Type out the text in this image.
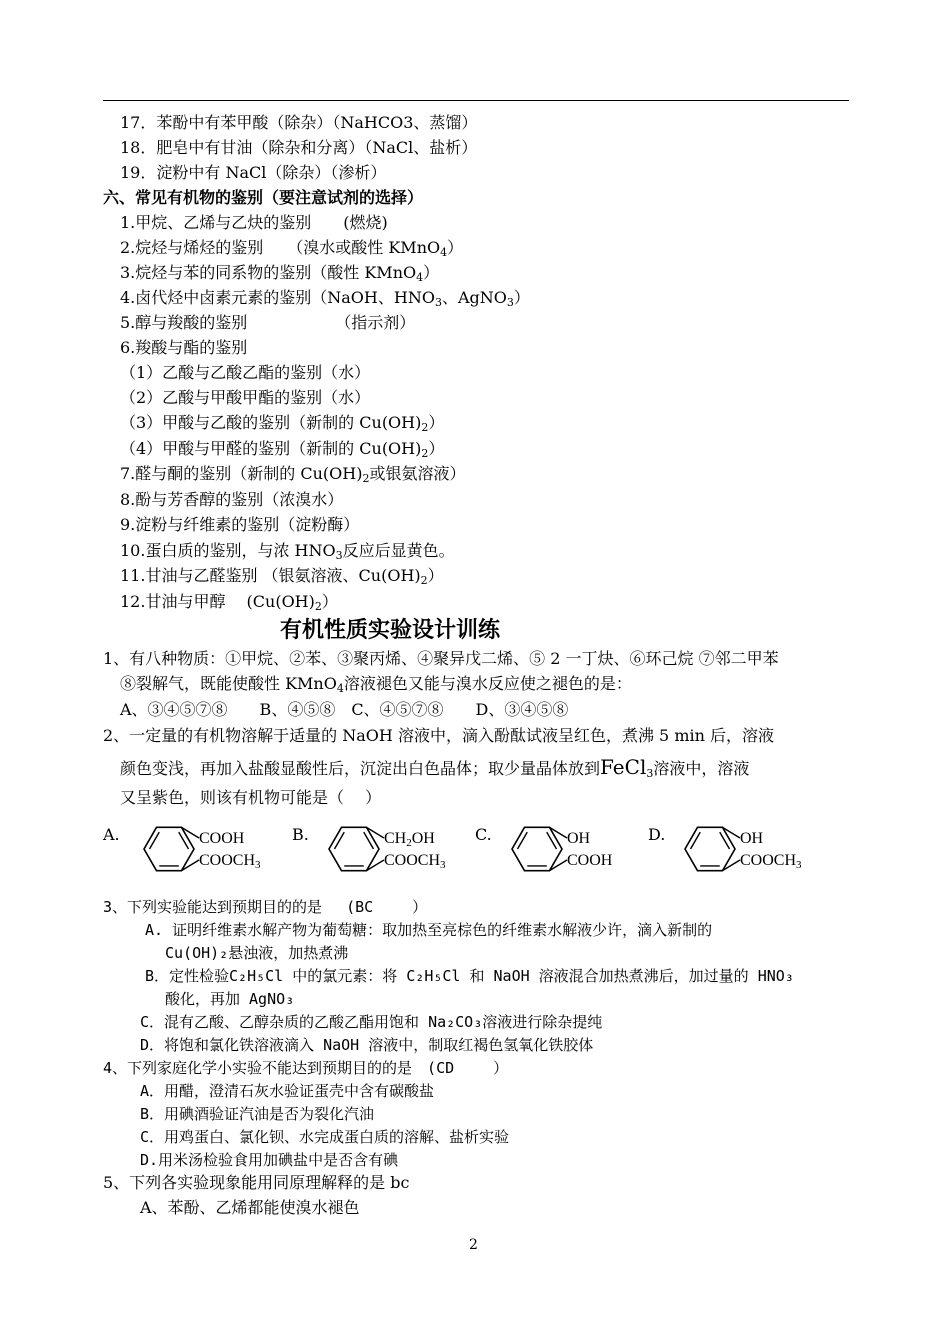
17．苯酚中有苯甲酸（除杂）（NaHCO3、蒸馏）
18．肥皂中有甘油（除杂和分离）（NaCl、盐析）
19．淀粉中有 NaCl（除杂）（渗析）
六、常见有机物的鉴别（要注意试剂的选择）
1.甲烷、乙烯与乙炔的鉴别　　(燃烧)
2.烷烃与烯烃的鉴别　　（溴水或酸性 KMnO$_4$）
3.烷烃与苯的同系物的鉴别（酸性 KMnO$_4$）
4.卤代烃中卤素元素的鉴别（NaOH、$HNO_3$、AgNO$_3$）
5.醇与羧酸的鉴别　　　　　　（指示剂）
6.羧酸与酯的鉴别
（1）乙酸与乙酸乙酯的鉴别（水）
（2）乙酸与甲酸甲酯的鉴别（水）
（3）甲酸与乙酸的鉴别（新制的 $Cu(OH)_2$）
（4）甲酸与甲醛的鉴别（新制的 $Cu(OH)_2$）
7.醛与酮的鉴别（新制的 $Cu(OH)_2$或银氨溶液）
8.酚与芳香醇的鉴别（浓溴水）
9.淀粉与纤维素的鉴别（淀粉酶）
10.蛋白质的鉴别，与浓 $HNO_3$反应后显黄色。
11.甘油与乙醛鉴别 （银氨溶液、$Cu(OH)_2$）
12.甘油与甲醇　 $(Cu(OH)_2)$
有机性质实验设计训练
1、有八种物质：①甲烷、②苯、③聚丙烯、④聚异戊二烯、⑤ 2 一丁炔、⑥环己烷 ⑦邻二甲苯
⑧裂解气，既能使酸性 KMnO$_4$溶液褪色又能与溴水反应使之褪色的是：
A、③④⑤⑦⑧　　B、④⑤⑧　C、④⑤⑦⑧　　D、③④⑤⑧
2、一定量的有机物溶解于适量的 NaOH 溶液中，滴入酚酞试液呈红色，煮沸 5 min 后，溶液
颜色变浅，再加入盐酸显酸性后，沉淀出白色晶体；取少量晶体放到FeCl$_3$溶液中，溶液
又呈紫色，则该有机物可能是（　 ）
A.	COOH
COOCH3
B.	CH2OH
COOCH3
C.	OH
COOH
D.	OH
COOCH3
3、下列实验能达到预期目的的是　 (BC　 　）
A. 证明纤维素水解产物为葡萄糖：取加热至亮棕色的纤维素水解液少许，滴入新制的
Cu(OH)₂悬浊液，加热煮沸
B．定性检验C₂H₅Cl 中的氯元素：将 C₂H₅Cl 和 NaOH 溶液混合加热煮沸后，加过量的 HNO₃
酸化，再加 AgNO₃
C．混有乙酸、乙醇杂质的乙酸乙酯用饱和 Na₂CO₃溶液进行除杂提纯
D．将饱和氯化铁溶液滴入 NaOH 溶液中，制取红褐色氢氧化铁胶体
4、下列家庭化学小实验不能达到预期目的的是　(CD　　 ）
A．用醋，澄清石灰水验证蛋壳中含有碳酸盐
B．用碘酒验证汽油是否为裂化汽油
C．用鸡蛋白、氯化钡、水完成蛋白质的溶解、盐析实验
D.用米汤检验食用加碘盐中是否含有碘
5、下列各实验现象能用同原理解释的是 bc
A、苯酚、乙烯都能使溴水褪色
2
